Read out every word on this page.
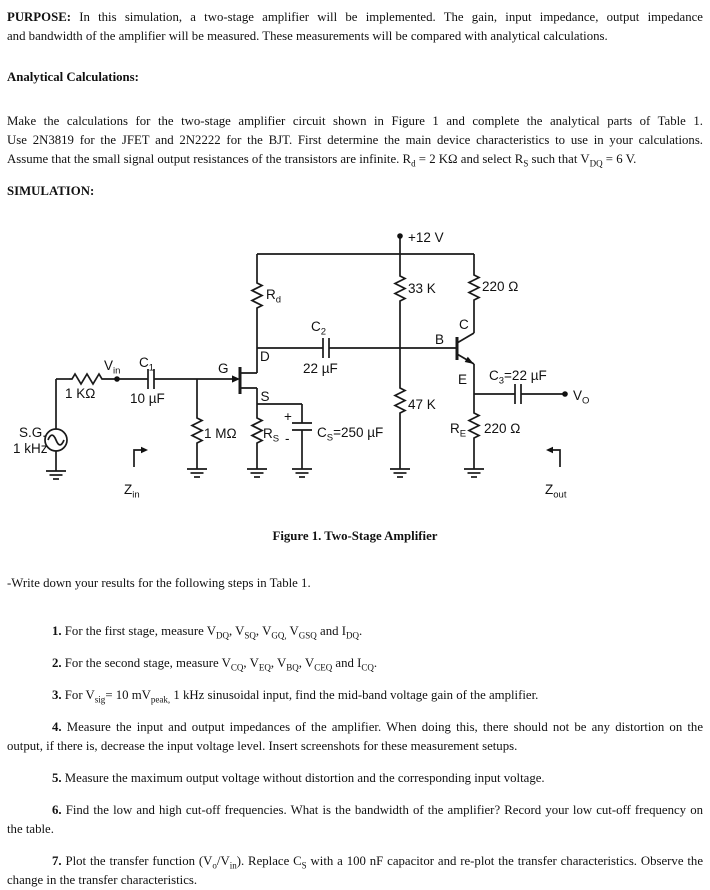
PURPOSE: In this simulation, a two-stage amplifier will be implemented. The gain, input impedance, output impedance

and bandwidth of the amplifier will be measured. These measurements will be compared with analytical calculations.

Analytical Calculations:

Make the calculations for the two-stage amplifier circuit shown in Figure 1 and complete the analytical parts of Table 1.

Use 2N3819 for the JFET and 2N2222 for the BJT. First determine the main device characteristics to use in your calculations.

Assume that the small signal output resistances of the transistors are infinite. $R_d = 2$ KΩ and select $R_S$ such that $V_{DQ} = 6$ V.

SIMULATION:

S.G.
1 kHz
1 KΩ
$V_{in}$
$C_1$
10 µF
G
1 MΩ
D
S
$R_d$
+12 V
$C_2$
22 µF
33 K
47 K
220 Ω
B
C
E $C_3=22$ µF
$V_O$
$R_E$ 220 Ω
$R_S$
+
- $C_S=250$ µF
$Z_{in}$	$Z_{out}$

Figure 1. Two-Stage Amplifier

-Write down your results for the following steps in Table 1.

1. For the first stage, measure $V_{DQ}$, $V_{SQ}$, $V_{GQ,}$ $V_{GSQ}$ and $I_{DQ}$.

2. For the second stage, measure $V_{CQ}$, $V_{EQ}$, $V_{BQ}$, $V_{CEQ}$ and $I_{CQ}$.

3. For $V_{sig}= 10$ $mV_{peak,}$ 1 kHz sinusoidal input, find the mid-band voltage gain of the amplifier.

4. Measure the input and output impedances of the amplifier. When doing this, there should not be any distortion on the output, if there is, decrease the input voltage level. Insert screenshots for these measurement setups.

5. Measure the maximum output voltage without distortion and the corresponding input voltage.

6. Find the low and high cut-off frequencies. What is the bandwidth of the amplifier? Record your low cut-off frequency on the table.

7. Plot the transfer function $(V_o/V_{in})$. Replace $C_S$ with a 100 nF capacitor and re-plot the transfer characteristics. Observe the change in the transfer characteristics.
